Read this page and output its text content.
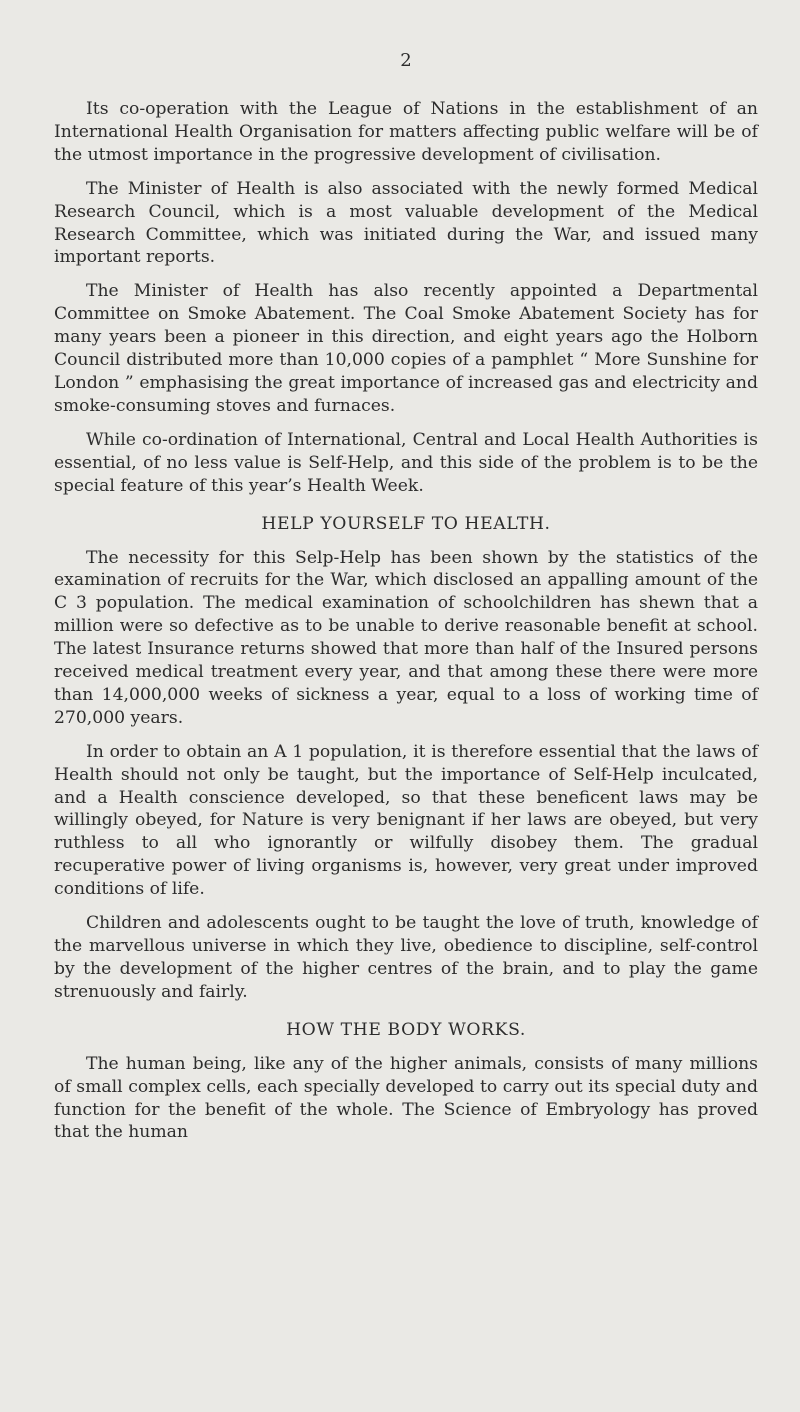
2

Its co-operation with the League of Nations in the establishment of an International Health Organisation for matters affecting public welfare will be of the utmost importance in the progressive development of civilisation.

The Minister of Health is also associated with the newly formed Medical Research Council, which is a most valuable development of the Medical Research Committee, which was initiated during the War, and issued many important reports.

The Minister of Health has also recently appointed a Departmental Committee on Smoke Abatement. The Coal Smoke Abatement Society has for many years been a pioneer in this direction, and eight years ago the Holborn Council distributed more than 10,000 copies of a pamphlet “ More Sunshine for London ” emphasising the great importance of increased gas and electricity and smoke-consuming stoves and furnaces.

While co-ordination of International, Central and Local Health Authorities is essential, of no less value is Self-Help, and this side of the problem is to be the special feature of this year’s Health Week.

HELP YOURSELF TO HEALTH.

The necessity for this Selp-Help has been shown by the statistics of the examination of recruits for the War, which disclosed an appalling amount of the C 3 population. The medical examination of schoolchildren has shewn that a million were so defective as to be unable to derive reasonable benefit at school. The latest Insurance returns showed that more than half of the Insured persons received medical treatment every year, and that among these there were more than 14,000,000 weeks of sickness a year, equal to a loss of working time of 270,000 years.

In order to obtain an A 1 population, it is therefore essential that the laws of Health should not only be taught, but the importance of Self-Help inculcated, and a Health conscience developed, so that these beneficent laws may be willingly obeyed, for Nature is very benignant if her laws are obeyed, but very ruthless to all who ignorantly or wilfully disobey them. The gradual recuperative power of living organisms is, however, very great under improved conditions of life.

Children and adolescents ought to be taught the love of truth, knowledge of the marvellous universe in which they live, obedience to discipline, self-control by the development of the higher centres of the brain, and to play the game strenuously and fairly.

HOW THE BODY WORKS.

The human being, like any of the higher animals, consists of many millions of small complex cells, each specially developed to carry out its special duty and function for the benefit of the whole. The Science of Embryology has proved that the human
